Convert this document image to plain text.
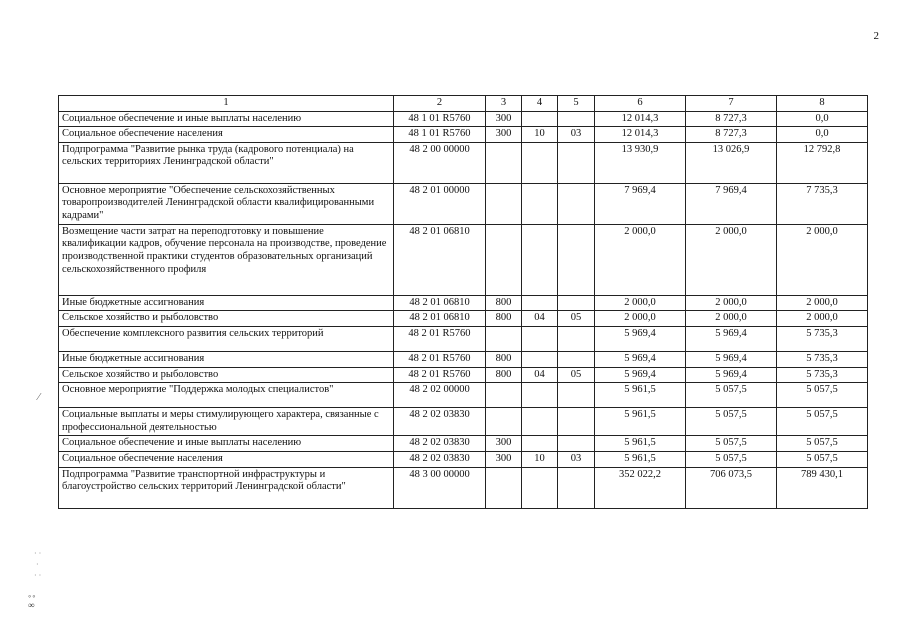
2
1	2	3	4	5	6	7	8
Социальное обеспечение и иные выплаты населению	48 1 01 R5760	300			12 014,3	8 727,3	0,0
Социальное обеспечение населения	48 1 01 R5760	300	10	03	12 014,3	8 727,3	0,0
Подпрограмма "Развитие рынка труда (кадрового потенциала) на сельских территориях Ленинградской области"	48 2 00 00000				13 930,9	13 026,9	12 792,8
Основное мероприятие "Обеспечение сельскохозяйственных товаропроизводителей Ленинградской области квалифицированными кадрами"	48 2 01 00000				7 969,4	7 969,4	7 735,3
Возмещение части затрат на переподготовку и повышение квалификации кадров, обучение персонала на производстве, проведение производственной практики студентов образовательных организаций сельскохозяйственного профиля	48 2 01 06810				2 000,0	2 000,0	2 000,0
Иные бюджетные ассигнования	48 2 01 06810	800			2 000,0	2 000,0	2 000,0
Сельское хозяйство и рыболовство	48 2 01 06810	800	04	05	2 000,0	2 000,0	2 000,0
Обеспечение комплексного развития сельских территорий	48 2 01 R5760				5 969,4	5 969,4	5 735,3
Иные бюджетные ассигнования	48 2 01 R5760	800			5 969,4	5 969,4	5 735,3
Сельское хозяйство и рыболовство	48 2 01 R5760	800	04	05	5 969,4	5 969,4	5 735,3
Основное мероприятие "Поддержка молодых специалистов"	48 2 02 00000				5 961,5	5 057,5	5 057,5
Социальные выплаты и меры стимулирующего характера, связанные с профессиональной деятельностью	48 2 02 03830				5 961,5	5 057,5	5 057,5
Социальное обеспечение и иные выплаты населению	48 2 02 03830	300			5 961,5	5 057,5	5 057,5
Социальное обеспечение населения	48 2 02 03830	300	10	03	5 961,5	5 057,5	5 057,5
Подпрограмма "Развитие транспортной инфраструктуры и благоустройство сельских территорий Ленинградской области"	48 3 00 00000				352 022,2	706 073,5	789 430,1
⁄
· ·
·
· ·
◦◦
∞
